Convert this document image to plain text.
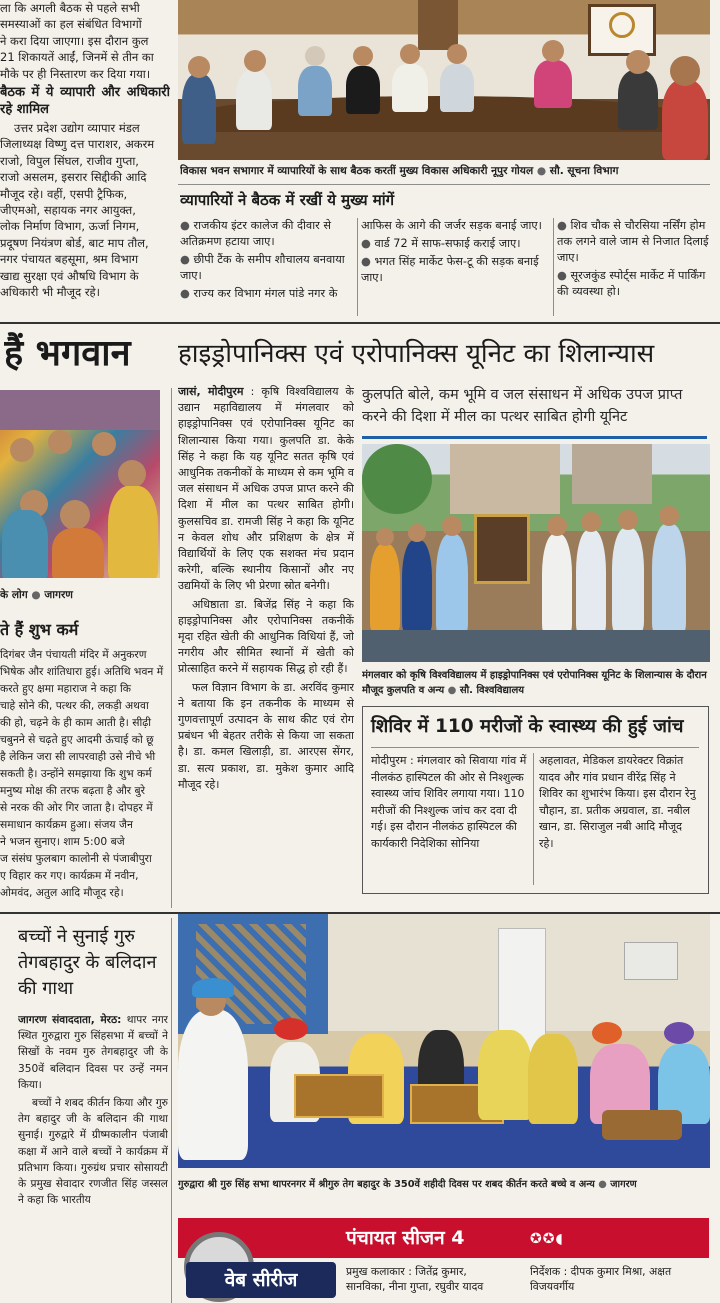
ला कि अगली बैठक से पहले सभी

समस्याओं का हल संबंधित विभागों

ने करा दिया जाएगा। इस दौरान कुल

21 शिकायतें आईं, जिनमें से तीन का

मौके पर ही निस्तारण कर दिया गया।

बैठक में ये व्यापारी और अधिकारी रहे शामिल

उत्तर प्रदेश उद्योग व्यापार मंडल

जिलाध्यक्ष विष्णु दत्त पाराशर, अकरम

राजो, विपुल सिंघल, राजीव गुप्ता,

राजो असलम, इसरार सिद्दीकी आदि

मौजूद रहे। वहीं, एसपी ट्रैफिक,

जीएमओ, सहायक नगर आयुक्त,

लोक निर्माण विभाग, ऊर्जा निगम,

प्रदूषण नियंत्रण बोर्ड, बाट माप तौल,

नगर पंचायत बहसूमा, श्रम विभाग

खाद्य सुरक्षा एवं औषधि विभाग के

अधिकारी भी मौजूद रहे।

विकास भवन सभागार में व्यापारियों के साथ बैठक करतीं मुख्य विकास अधिकारी नूपुर गोयल ● सौ. सूचना विभाग
व्यापारियों ने बैठक में रखीं ये मुख्य मांगें
● राजकीय इंटर कालेज की दीवार से अतिक्रमण हटाया जाए।
● छीपी टैंक के समीप शौचालय बनवाया जाए।
● राज्य कर विभाग मंगल पांडे नगर के
आफिस के आगे की जर्जर सड़क बनाई जाए।
● वार्ड 72 में साफ-सफाई कराई जाए।
● भगत सिंह मार्केट फेस-टू की सड़क बनाई जाए।
● शिव चौक से चौरसिया नर्सिंग होम तक लगने वाले जाम से निजात दिलाई जाए।
● सूरजकुंड स्पोर्ट्स मार्केट में पार्किंग की व्यवस्था हो।
हैं भगवान	हाइड्रोपानिक्स एवं एरोपानिक्स यूनिट का शिलान्यास
के लोग ● जागरण
ते हैं शुभ कर्म

दिगंबर जैन पंचायती मंदिर में अनुकरण

भिषेक और शांतिधारा हुई। अतिथि भवन में

करते हुए क्षमा महाराज ने कहा कि

चाहे सोने की, पत्थर की, लकड़ी अथवा

की हो, चढ़ने के ही काम आती है। सीढ़ी

चबुनने से चढ़ते हुए आदमी ऊंचाई को छू

है लेकिन जरा सी लापरवाही उसे नीचे भी

सकती है। उन्होंने समझाया कि शुभ कर्म

मनुष्य मोक्ष की तरफ बढ़ता है और बुरे

से नरक की ओर गिर जाता है। दोपहर में

समाधान कार्यक्रम हुआ। संजय जैन

ने भजन सुनाए। शाम 5:00 बजे

ज संसंघ फुलबाग कालोनी से पंजाबीपुरा

ए विहार कर गए। कार्यक्रम में नवीन,

ओमवंद, अतुल आदि मौजूद रहे।

जासं, मोदीपुरम : कृषि विश्वविद्यालय के उद्यान महाविद्यालय में मंगलवार को हाइड्रोपानिक्स एवं एरोपानिक्स यूनिट का शिलान्यास किया गया। कुलपति डा. केके सिंह ने कहा कि यह यूनिट सतत कृषि एवं आधुनिक तकनीकों के माध्यम से कम भूमि व जल संसाधन में अधिक उपज प्राप्त करने की दिशा में मील का पत्थर साबित होगी। कुलसचिव डा. रामजी सिंह ने कहा कि यूनिट न केवल शोध और प्रशिक्षण के क्षेत्र में विद्यार्थियों के लिए एक सशक्त मंच प्रदान करेगी, बल्कि स्थानीय किसानों और नए उद्यमियों के लिए भी प्रेरणा स्रोत बनेगी।

अधिष्ठाता डा. बिजेंद्र सिंह ने कहा कि हाइड्रोपानिक्स और एरोपानिक्स तकनीकें मृदा रहित खेती की आधुनिक विधियां हैं, जो नगरीय और सीमित स्थानों में खेती को प्रोत्साहित करने में सहायक सिद्ध हो रही हैं।

फल विज्ञान विभाग के डा. अरविंद कुमार ने बताया कि इन तकनीक के माध्यम से गुणवत्तापूर्ण उत्पादन के साथ कीट एवं रोग प्रबंधन भी बेहतर तरीके से किया जा सकता है। डा. कमल खिलाड़ी, डा. आरएस सेंगर, डा. सत्य प्रकाश, डा. मुकेश कुमार आदि मौजूद रहे।

कुलपति बोले, कम भूमि व जल संसाधन में अधिक उपज प्राप्त करने की दिशा में मील का पत्थर साबित होगी यूनिट
मंगलवार को कृषि विश्वविद्यालय में हाइड्रोपानिक्स एवं एरोपानिक्स यूनिट के शिलान्यास के दौरान मौजूद कुलपति व अन्य ● सौ. विश्वविद्यालय
शिविर में 110 मरीजों के स्वास्थ्य की हुई जांच
मोदीपुरम : मंगलवार को सिवाया गांव में नीलकंठ हास्पिटल की ओर से निश्शुल्क स्वास्थ्य जांच शिविर लगाया गया। 110 मरीजों की निश्शुल्क जांच कर दवा दी गई। इस दौरान नीलकंठ हास्पिटल की कार्यकारी निदेशिका सोनिया
अहलावत, मेडिकल डायरेक्टर विक्रांत यादव और गांव प्रधान वीरेंद्र सिंह ने शिविर का शुभारंभ किया। इस दौरान रेनु चौहान, डा. प्रतीक अग्रवाल, डा. नबील खान, डा. सिराजुल नबी आदि मौजूद रहे।
बच्चों ने सुनाई गुरु तेगबहादुर के बलिदान की गाथा

जागरण संवाददाता, मेरठ: थापर नगर स्थित गुरुद्वारा गुरु सिंहसभा में बच्चों ने सिखों के नवम गुरु तेगबहादुर जी के 350वें बलिदान दिवस पर उन्हें नमन किया।

बच्चों ने शबद कीर्तन किया और गुरु तेग बहादुर जी के बलिदान की गाथा सुनाई। गुरुद्वारे में ग्रीष्मकालीन पंजाबी कक्षा में आने वाले बच्चों ने कार्यक्रम में प्रतिभाग किया। गुरुग्रंथ प्रचार सोसायटी के प्रमुख सेवादार रणजीत सिंह जस्सल ने कहा कि भारतीय

गुरुद्वारा श्री गुरु सिंह सभा थापरनगर में श्रीगुरु तेग बहादुर के 350वें शहीदी दिवस पर शबद कीर्तन करते बच्चे व अन्य ● जागरण
पंचायत सीजन 4	✪✪◖
वेब सीरीज	प्रमुख कलाकार : जितेंद्र कुमार,
सानविका, नीना गुप्ता, रघुवीर यादव
निर्देशक : दीपक कुमार मिश्रा, अक्षत
विजयवर्गीय
